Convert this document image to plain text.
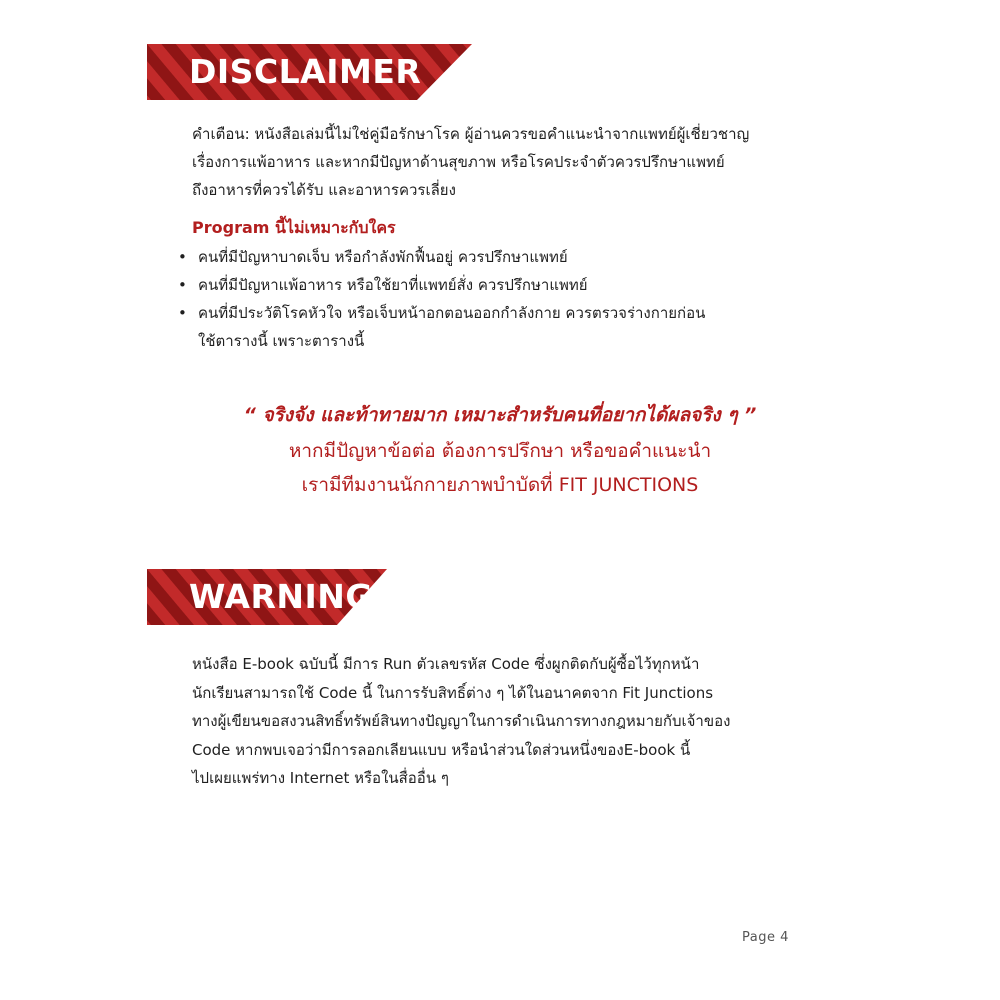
DISCLAIMER
คำเตือน: หนังสือเล่มนี้ไม่ใช่คู่มือรักษาโรค ผู้อ่านควรขอคำแนะนำจากแพทย์ผู้เชี่ยวชาญ
เรื่องการแพ้อาหาร และหากมีปัญหาด้านสุขภาพ หรือโรคประจำตัวควรปรึกษาแพทย์
ถึงอาหารที่ควรได้รับ และอาหารควรเลี่ยง
Program นี้ไม่เหมาะกับใคร
• คนที่มีปัญหาบาดเจ็บ หรือกำลังพักฟื้นอยู่ ควรปรึกษาแพทย์
• คนที่มีปัญหาแพ้อาหาร หรือใช้ยาที่แพทย์สั่ง ควรปรึกษาแพทย์
• คนที่มีประวัติโรคหัวใจ หรือเจ็บหน้าอกตอนออกกำลังกาย ควรตรวจร่างกายก่อน
ใช้ตารางนี้ เพราะตารางนี้
“ จริงจัง และท้าทายมาก เหมาะสำหรับคนที่อยากได้ผลจริง ๆ ”
หากมีปัญหาข้อต่อ ต้องการปรึกษา หรือขอคำแนะนำ
เรามีทีมงานนักกายภาพบำบัดที่ FIT JUNCTIONS
WARNING
หนังสือ E-book ฉบับนี้ มีการ Run ตัวเลขรหัส Code ซึ่งผูกติดกับผู้ซื้อไว้ทุกหน้า
นักเรียนสามารถใช้ Code นี้ ในการรับสิทธิ์ต่าง ๆ ได้ในอนาคตจาก Fit Junctions
ทางผู้เขียนขอสงวนสิทธิ์ทรัพย์สินทางปัญญาในการดำเนินการทางกฎหมายกับเจ้าของ
Code หากพบเจอว่ามีการลอกเลียนแบบ หรือนำส่วนใดส่วนหนึ่งของE-book นี้
ไปเผยแพร่ทาง Internet หรือในสื่ออื่น ๆ
Page 4
